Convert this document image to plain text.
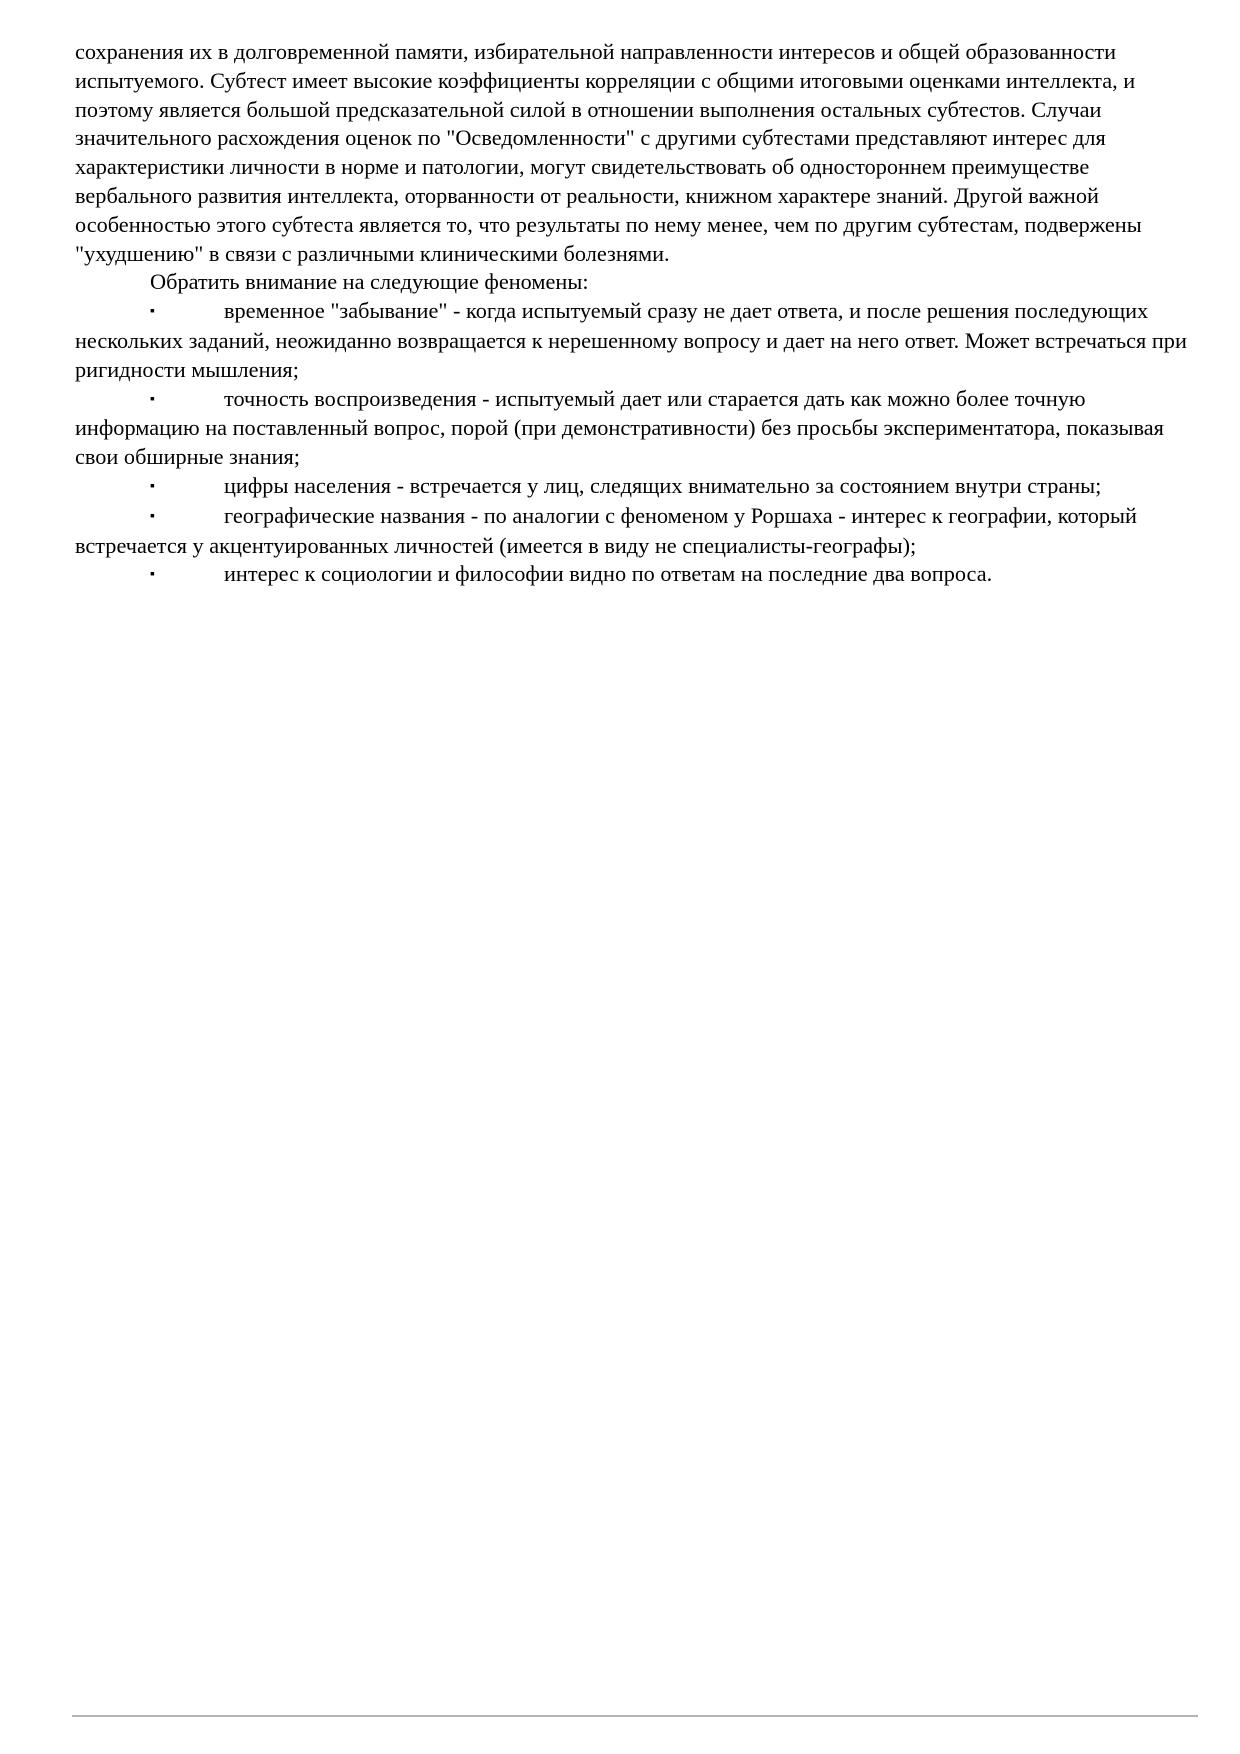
сохранения их в долговременной памяти, избирательной направленности интересов и общей образованности испытуемого. Субтест имеет высокие коэффициенты корреляции с общими итоговыми оценками интеллекта, и поэтому является большой предсказательной силой в отношении выполнения остальных субтестов. Случаи значительного расхождения оценок по "Осведомленности" с другими субтестами представляют интерес для характеристики личности в норме и патологии, могут свидетельствовать об одностороннем преимуществе вербального развития интеллекта, оторванности от реальности, книжном характере знаний. Другой важной особенностью этого субтеста является то, что результаты по нему менее, чем по другим субтестам, подвержены "ухудшению" в связи с различными клиническими болезнями.

Обратить внимание на следующие феномены:

▪	временное "забывание" - когда испытуемый сразу не дает ответа, и после решения последующих нескольких заданий, неожиданно возвращается к нерешенному вопросу и дает на него ответ. Может встречаться при ригидности мышления;

▪	точность воспроизведения - испытуемый дает или старается дать как можно более точную информацию на поставленный вопрос, порой (при демонстративности) без просьбы экспериментатора, показывая свои обширные знания;

▪	цифры населения - встречается у лиц, следящих внимательно за состоянием внутри страны;

▪	географические названия - по аналогии с феноменом у Роршаха - интерес к географии, который встречается у акцентуированных личностей (имеется в виду не специалисты-географы);

▪	интерес к социологии и философии видно по ответам на последние два вопроса.
